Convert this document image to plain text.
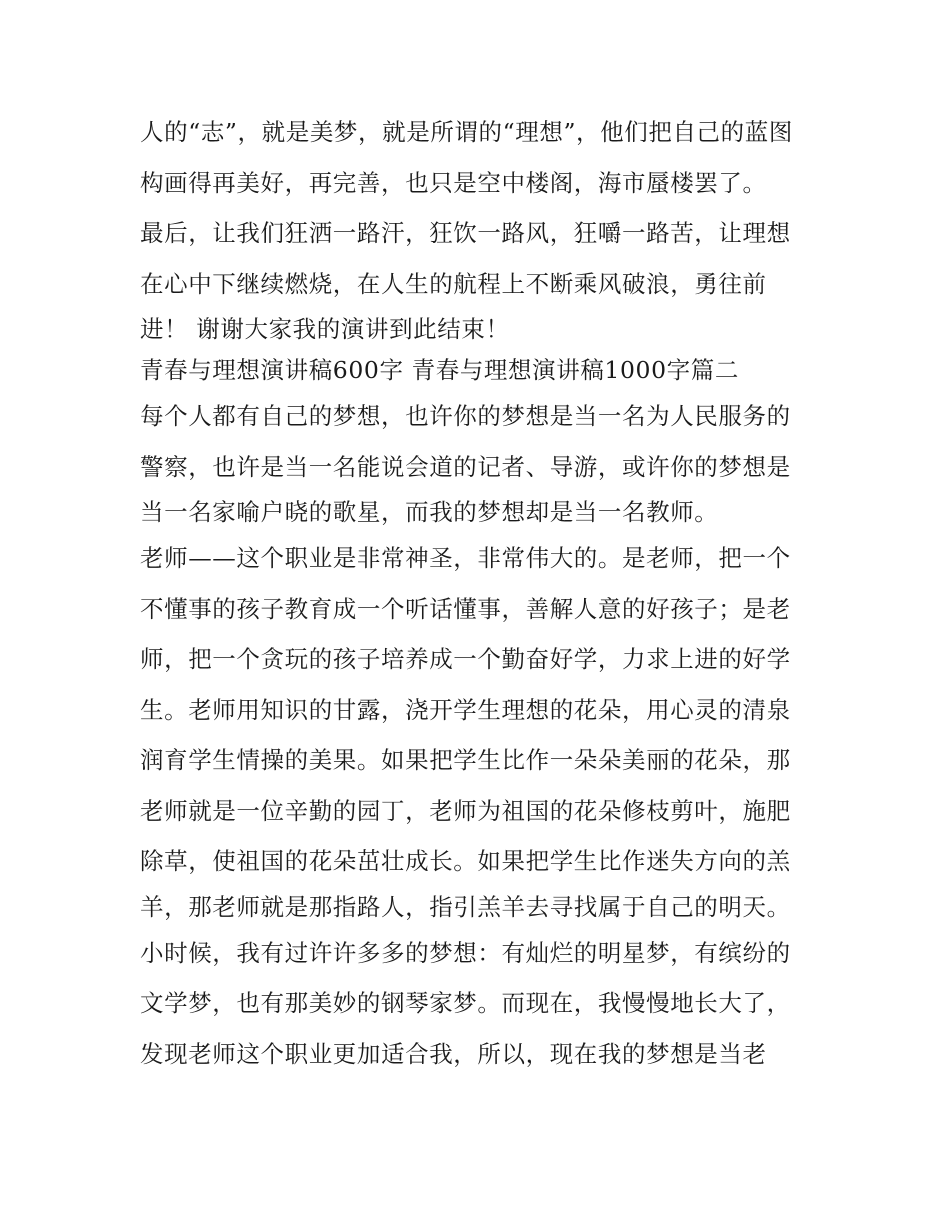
人的“志”，就是美梦，就是所谓的“理想”，他们把自己的蓝图
构画得再美好，再完善，也只是空中楼阁，海市蜃楼罢了。
最后，让我们狂洒一路汗，狂饮一路风，狂嚼一路苦，让理想
在心中下继续燃烧，在人生的航程上不断乘风破浪，勇往前
进！ 谢谢大家我的演讲到此结束！
青春与理想演讲稿600字 青春与理想演讲稿1000字篇二
每个人都有自己的梦想，也许你的梦想是当一名为人民服务的
警察，也许是当一名能说会道的记者、导游，或许你的梦想是
当一名家喻户晓的歌星，而我的梦想却是当一名教师。
老师——这个职业是非常神圣，非常伟大的。是老师，把一个
不懂事的孩子教育成一个听话懂事，善解人意的好孩子；是老
师，把一个贪玩的孩子培养成一个勤奋好学，力求上进的好学
生。老师用知识的甘露，浇开学生理想的花朵，用心灵的清泉
润育学生情操的美果。如果把学生比作一朵朵美丽的花朵，那
老师就是一位辛勤的园丁，老师为祖国的花朵修枝剪叶，施肥
除草，使祖国的花朵茁壮成长。如果把学生比作迷失方向的羔
羊，那老师就是那指路人，指引羔羊去寻找属于自己的明天。
小时候，我有过许许多多的梦想：有灿烂的明星梦，有缤纷的
文学梦，也有那美妙的钢琴家梦。而现在，我慢慢地长大了，
发现老师这个职业更加适合我，所以，现在我的梦想是当老
